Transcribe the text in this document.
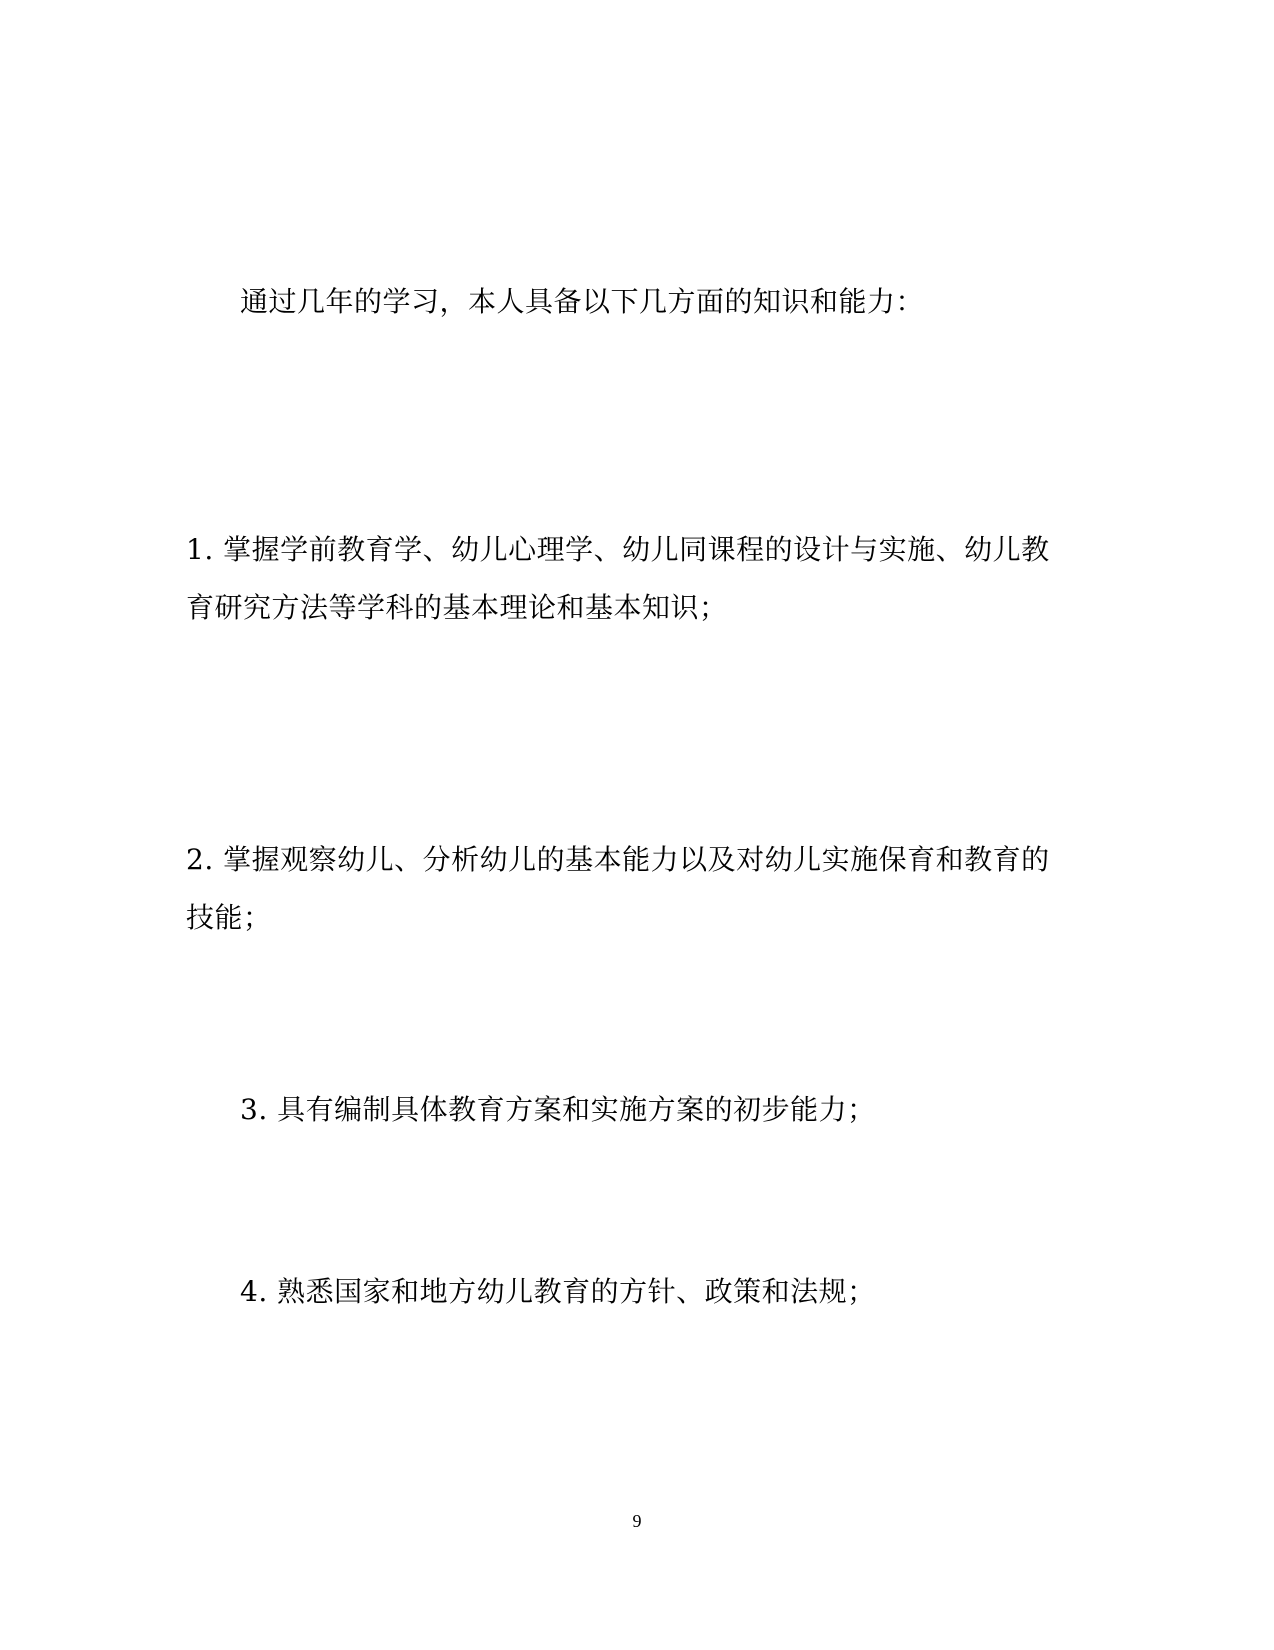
通过几年的学习，本人具备以下几方面的知识和能力：

1. 掌握学前教育学、幼儿心理学、幼儿同课程的设计与实施、幼儿教

育研究方法等学科的基本理论和基本知识；

2. 掌握观察幼儿、分析幼儿的基本能力以及对幼儿实施保育和教育的

技能；

3. 具有编制具体教育方案和实施方案的初步能力；

4. 熟悉国家和地方幼儿教育的方针、政策和法规；

9
